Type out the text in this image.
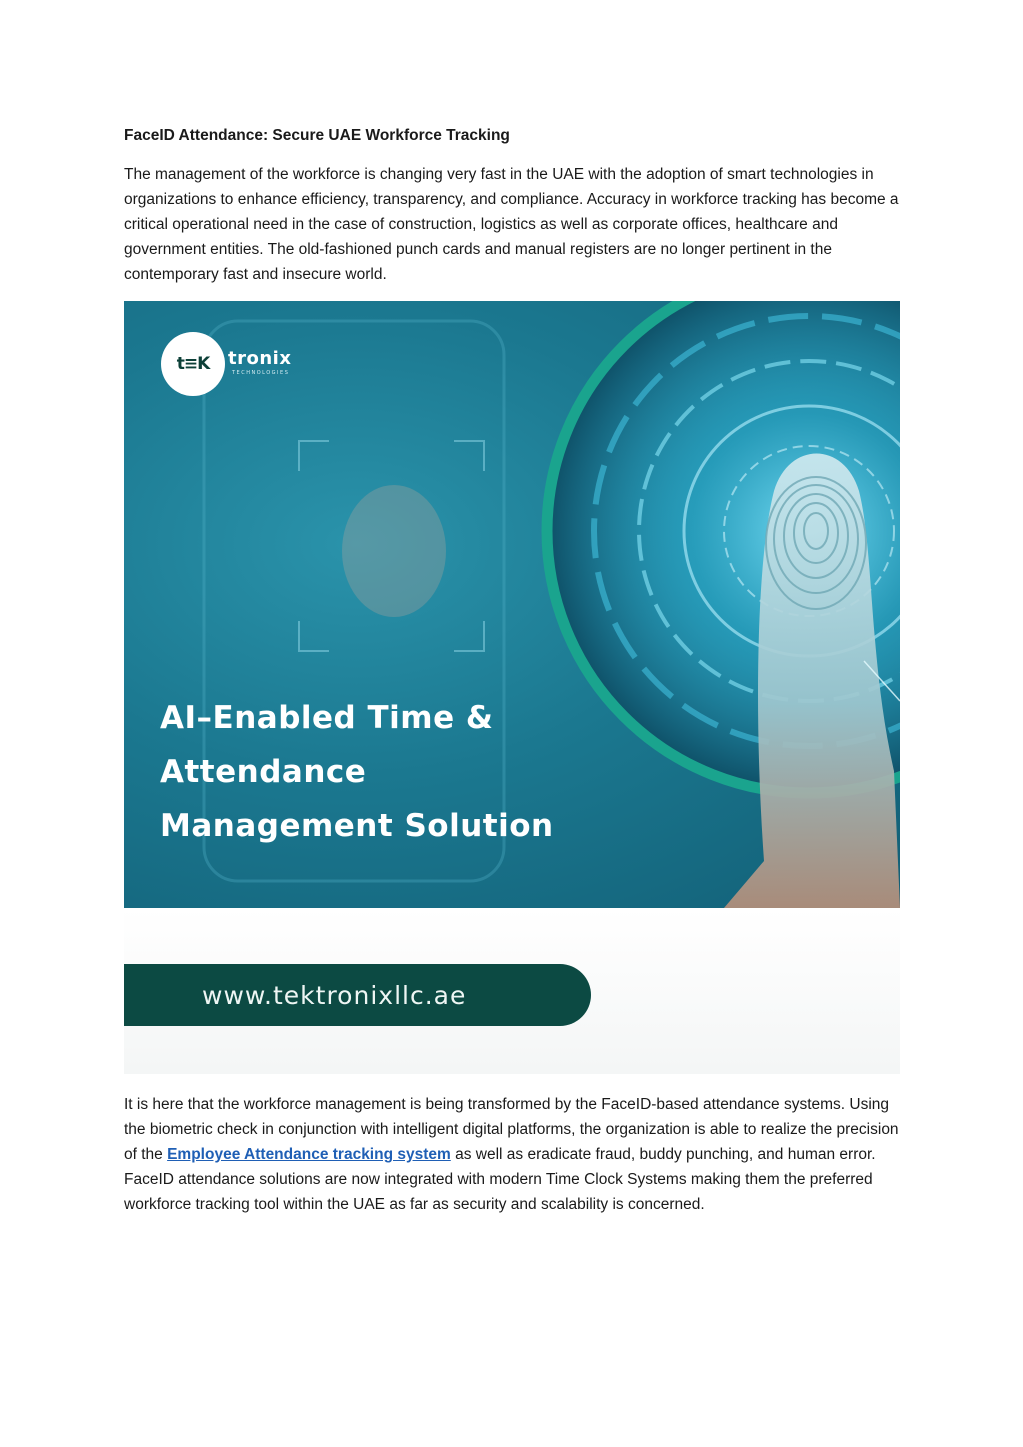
FaceID Attendance: Secure UAE Workforce Tracking
The management of the workforce is changing very fast in the UAE with the adoption of smart technologies in organizations to enhance efficiency, transparency, and compliance. Accuracy in workforce tracking has become a critical operational need in the case of construction, logistics as well as corporate offices, healthcare and government entities. The old-fashioned punch cards and manual registers are no longer pertinent in the contemporary fast and insecure world.
t≡K tronix
TECHNOLOGIES
AI–Enabled Time &
Attendance
Management Solution
www.tektronixllc.ae
It is here that the workforce management is being transformed by the FaceID-based attendance systems. Using the biometric check in conjunction with intelligent digital platforms, the organization is able to realize the precision of the Employee Attendance tracking system as well as eradicate fraud, buddy punching, and human error. FaceID attendance solutions are now integrated with modern Time Clock Systems making them the preferred workforce tracking tool within the UAE as far as security and scalability is concerned.
